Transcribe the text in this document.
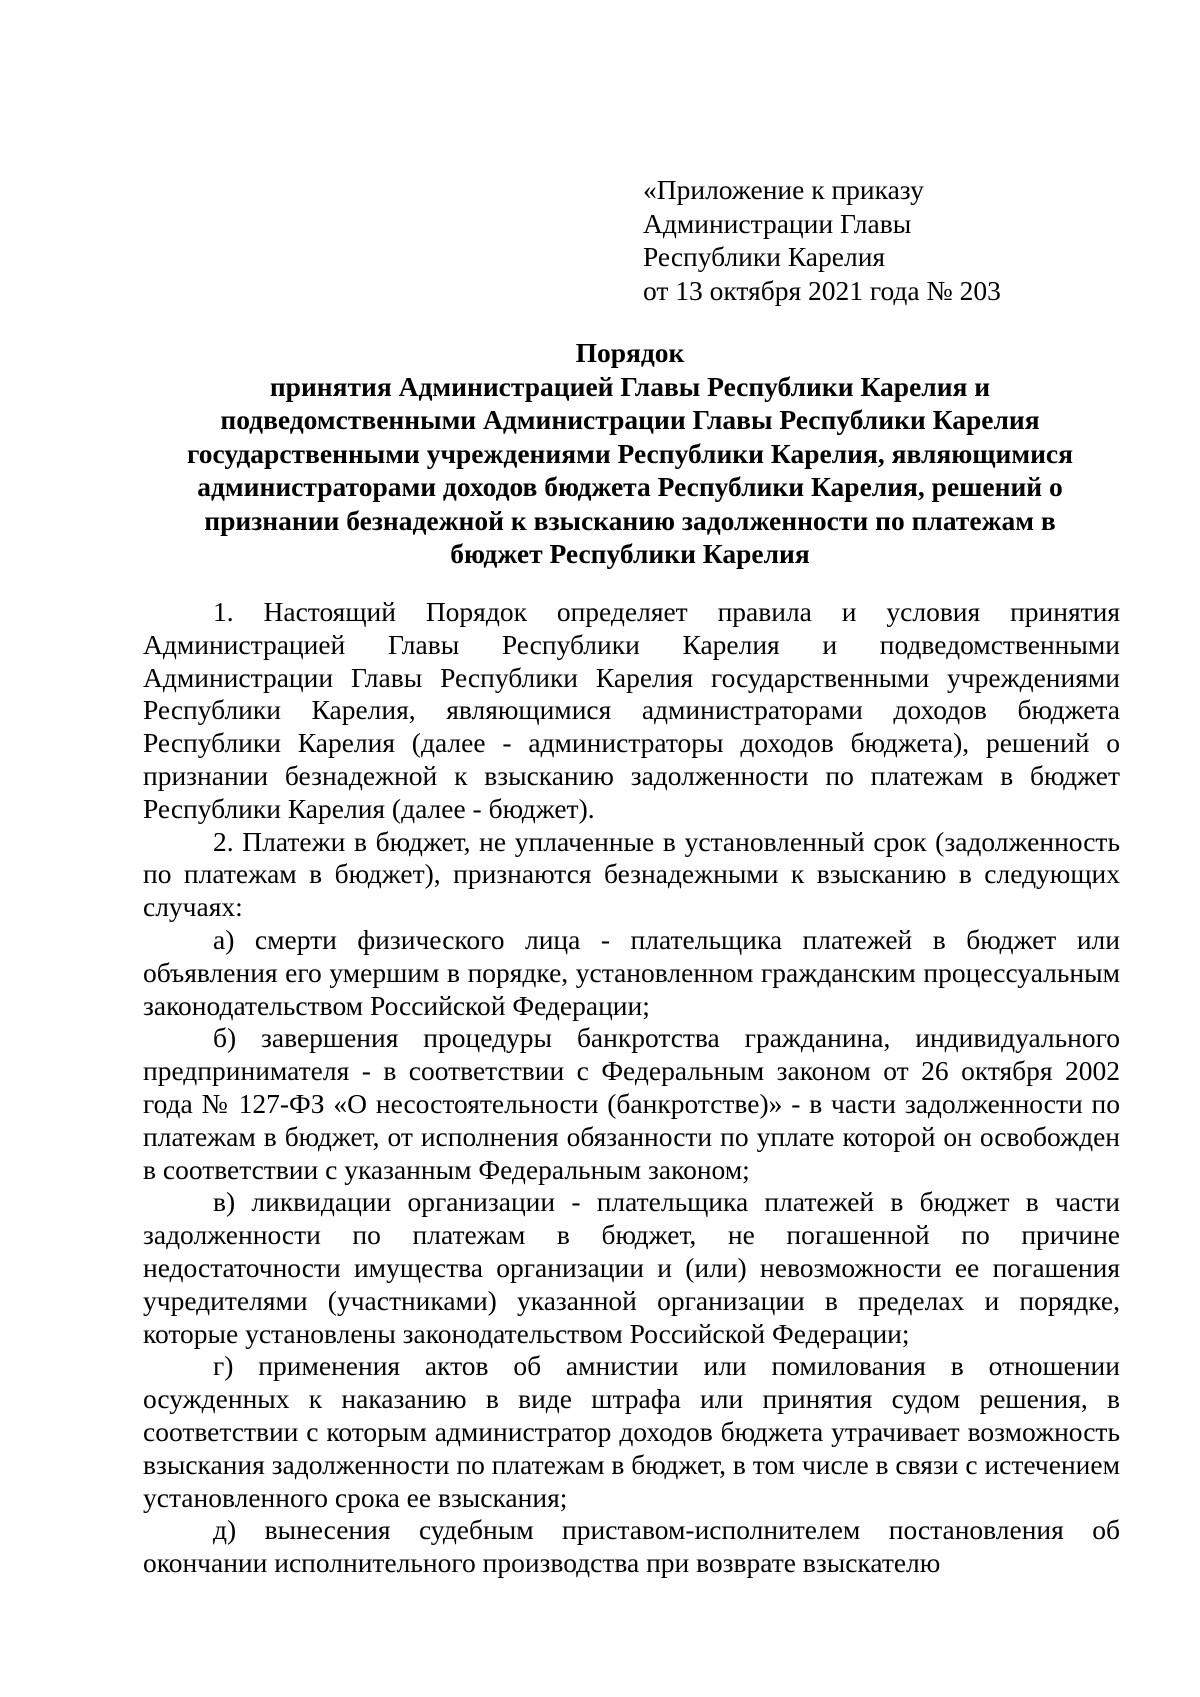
«Приложение к приказу
Администрации Главы
Республики Карелия
от 13 октября 2021 года № 203
Порядок
принятия Администрацией Главы Республики Карелия и
подведомственными Администрации Главы Республики Карелия
государственными учреждениями Республики Карелия, являющимися
администраторами доходов бюджета Республики Карелия, решений о
признании безнадежной к взысканию задолженности по платежам в
бюджет Республики Карелия

1. Настоящий Порядок определяет правила и условия принятия Администрацией Главы Республики Карелия и подведомственными Администрации Главы Республики Карелия государственными учреждениями Республики Карелия, являющимися администраторами доходов бюджета Республики Карелия (далее - администраторы доходов бюджета), решений о признании безнадежной к взысканию задолженности по платежам в бюджет Республики Карелия (далее - бюджет).

2. Платежи в бюджет, не уплаченные в установленный срок (задолженность по платежам в бюджет), признаются безнадежными к взысканию в следующих случаях:

а) смерти физического лица - плательщика платежей в бюджет или объявления его умершим в порядке, установленном гражданским процессуальным законодательством Российской Федерации;

б) завершения процедуры банкротства гражданина, индивидуального предпринимателя - в соответствии с Федеральным законом от 26 октября 2002 года № 127-ФЗ «О несостоятельности (банкротстве)» - в части задолженности по платежам в бюджет, от исполнения обязанности по уплате которой он освобожден в соответствии с указанным Федеральным законом;

в) ликвидации организации - плательщика платежей в бюджет в части задолженности по платежам в бюджет, не погашенной по причине недостаточности имущества организации и (или) невозможности ее погашения учредителями (участниками) указанной организации в пределах и порядке, которые установлены законодательством Российской Федерации;

г) применения актов об амнистии или помилования в отношении осужденных к наказанию в виде штрафа или принятия судом решения, в соответствии с которым администратор доходов бюджета утрачивает возможность взыскания задолженности по платежам в бюджет, в том числе в связи с истечением установленного срока ее взыскания;

д) вынесения судебным приставом-исполнителем постановления об окончании исполнительного производства при возврате взыскателю
